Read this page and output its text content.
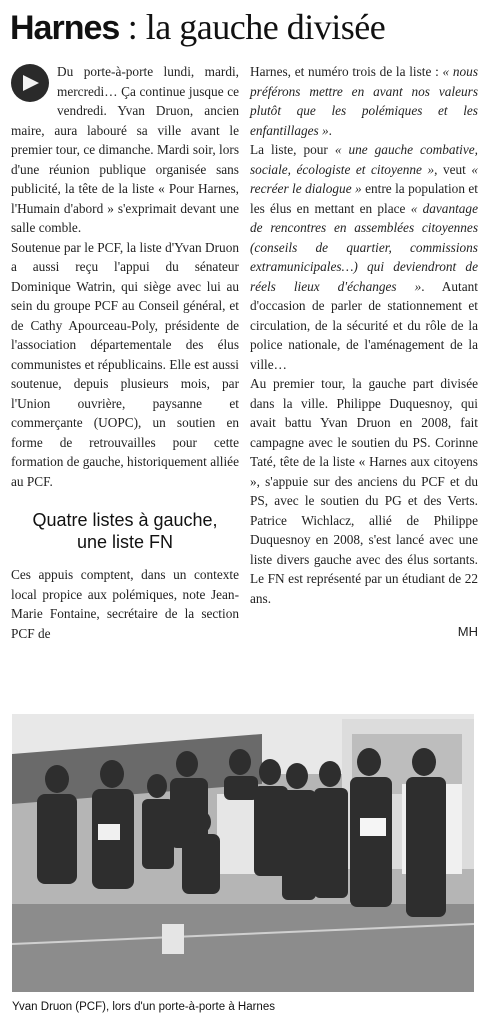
Harnes : la gauche divisée

Du porte-à-porte lundi, mardi, mercredi… Ça continue jusque ce vendredi. Yvan Druon, ancien maire, aura labouré sa ville avant le premier tour, ce dimanche. Mardi soir, lors d'une réunion publique organisée sans publicité, la tête de la liste « Pour Harnes, l'Humain d'abord » s'exprimait devant une salle comble.

Soutenue par le PCF, la liste d'Yvan Druon a aussi reçu l'appui du sénateur Dominique Watrin, qui siège avec lui au sein du groupe PCF au Conseil général, et de Cathy Apourceau-Poly, présidente de l'association départementale des élus communistes et républicains. Elle est aussi soutenue, depuis plusieurs mois, par l'Union ouvrière, paysanne et commerçante (UOPC), un soutien en forme de retrouvailles pour cette formation de gauche, historiquement alliée au PCF.

Quatre listes à gauche,
une liste FN

Ces appuis comptent, dans un contexte local propice aux polémiques, note Jean-Marie Fontaine, secrétaire de la section PCF de

Harnes, et numéro trois de la liste : « nous préférons mettre en avant nos valeurs plutôt que les polémiques et les enfantillages ».

La liste, pour « une gauche combative, sociale, écologiste et citoyenne », veut « recréer le dialogue » entre la population et les élus en mettant en place « davantage de rencontres en assemblées citoyennes (conseils de quartier, commissions extramunicipales…) qui deviendront de réels lieux d'échanges ». Autant d'occasion de parler de stationnement et circulation, de la sécurité et du rôle de la police nationale, de l'aménagement de la ville…

Au premier tour, la gauche part divisée dans la ville. Philippe Duquesnoy, qui avait battu Yvan Druon en 2008, fait campagne avec le soutien du PS. Corinne Taté, tête de la liste « Harnes aux citoyens », s'appuie sur des anciens du PCF et du PS, avec le soutien du PG et des Verts. Patrice Wichlacz, allié de Philippe Duquesnoy en 2008, s'est lancé avec une liste divers gauche avec des élus sortants. Le FN est représenté par un étudiant de 22 ans.

MH
Yvan Druon (PCF), lors d'un porte-à-porte à Harnes
